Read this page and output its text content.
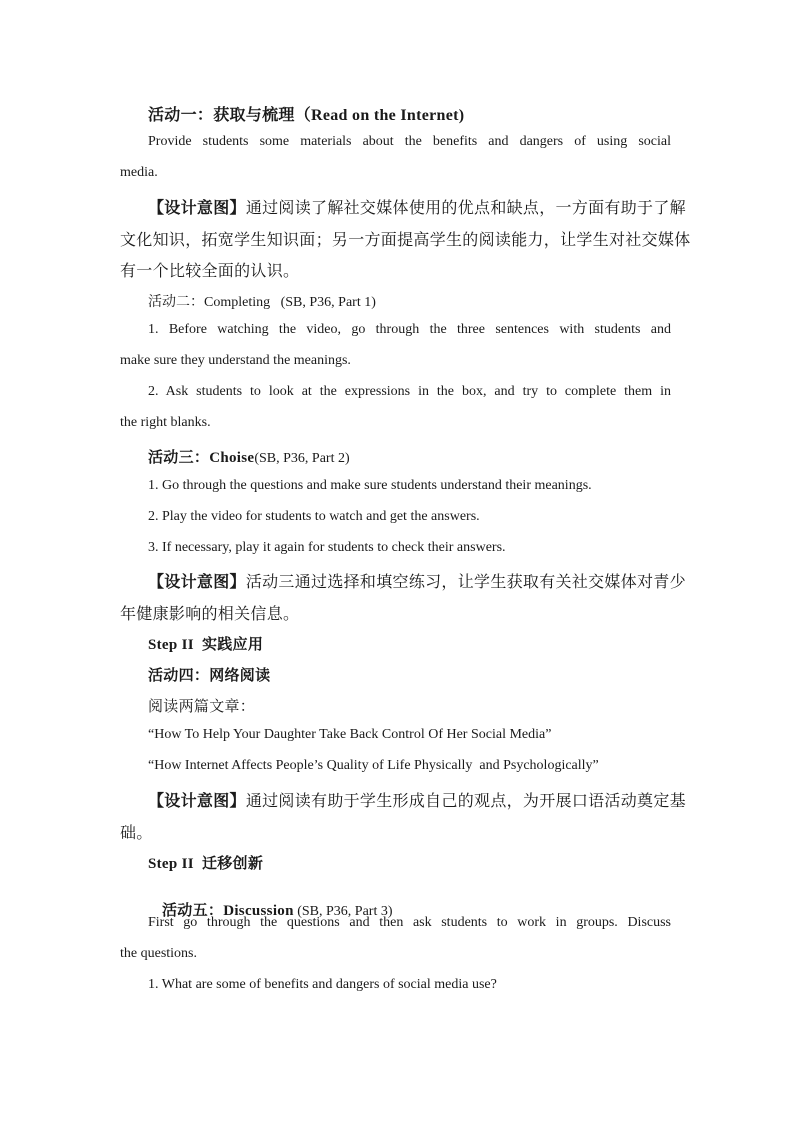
活动一：获取与梳理（Read on the Internet)

Provide students some materials about the benefits and dangers of using social

media.

【设计意图】通过阅读了解社交媒体使用的优点和缺点，一方面有助于了解

文化知识，拓宽学生知识面；另一方面提高学生的阅读能力，让学生对社交媒体

有一个比较全面的认识。

活动二：Completing   (SB, P36, Part 1)

1. Before watching the video, go through the three sentences with students and

make sure they understand the meanings.

2. Ask students to look at the expressions in the box, and try to complete them in

the right blanks.

活动三：Choise(SB, P36, Part 2)

1. Go through the questions and make sure students understand their meanings.

2. Play the video for students to watch and get the answers.

3. If necessary, play it again for students to check their answers.

【设计意图】活动三通过选择和填空练习，让学生获取有关社交媒体对青少

年健康影响的相关信息。

Step II  实践应用

活动四：网络阅读

阅读两篇文章：

“How To Help Your Daughter Take Back Control Of Her Social Media”

“How Internet Affects People’s Quality of Life Physically  and Psychologically”

【设计意图】通过阅读有助于学生形成自己的观点，为开展口语活动奠定基

础。

Step II  迁移创新

活动五：Discussion (SB, P36, Part 3)

First go through the questions and then ask students to work in groups. Discuss

the questions.

1. What are some of benefits and dangers of social media use?
